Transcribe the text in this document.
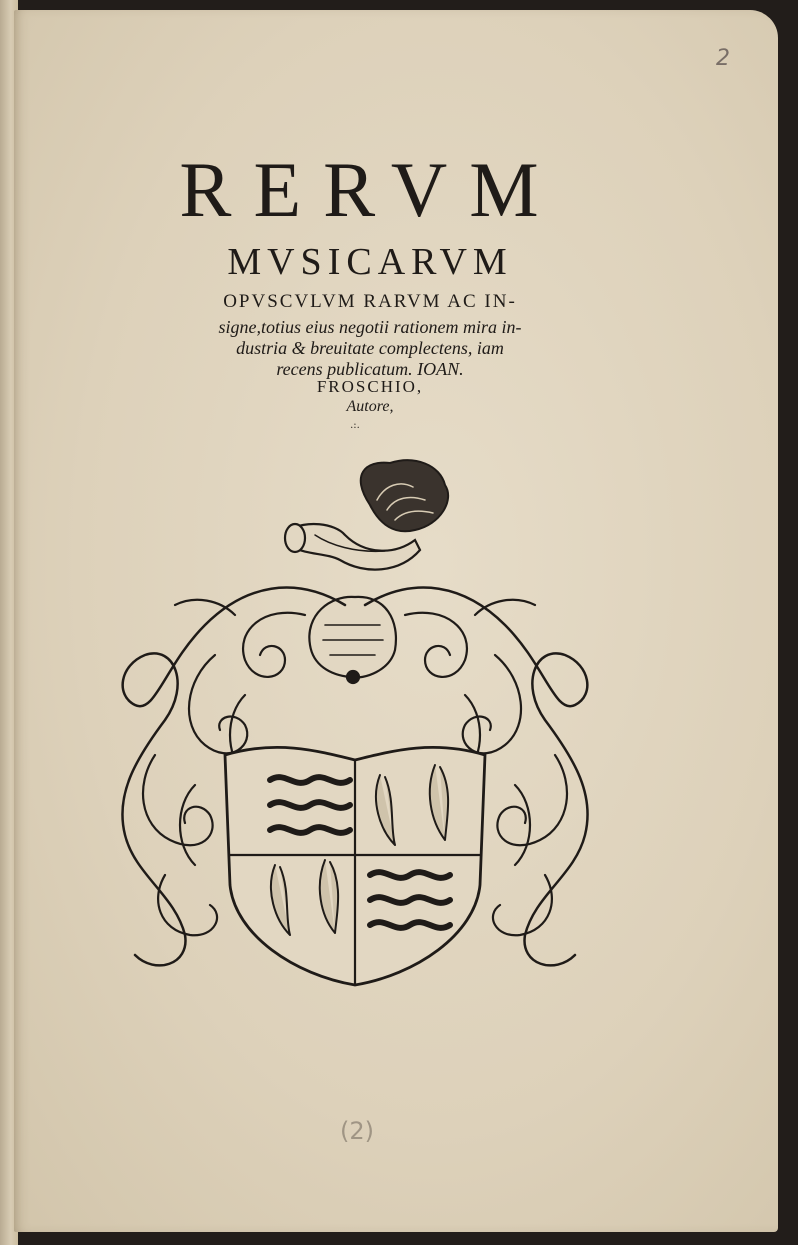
RERVM
MVSICARVM
OPVSCVLVM RARVM AC IN-
signe,totius eius negotii rationem mira in-
dustria & breuitate complectens, iam
recens publicatum. IOAN.
FROSCHIO,
Autore,
.:.
(2)
2
